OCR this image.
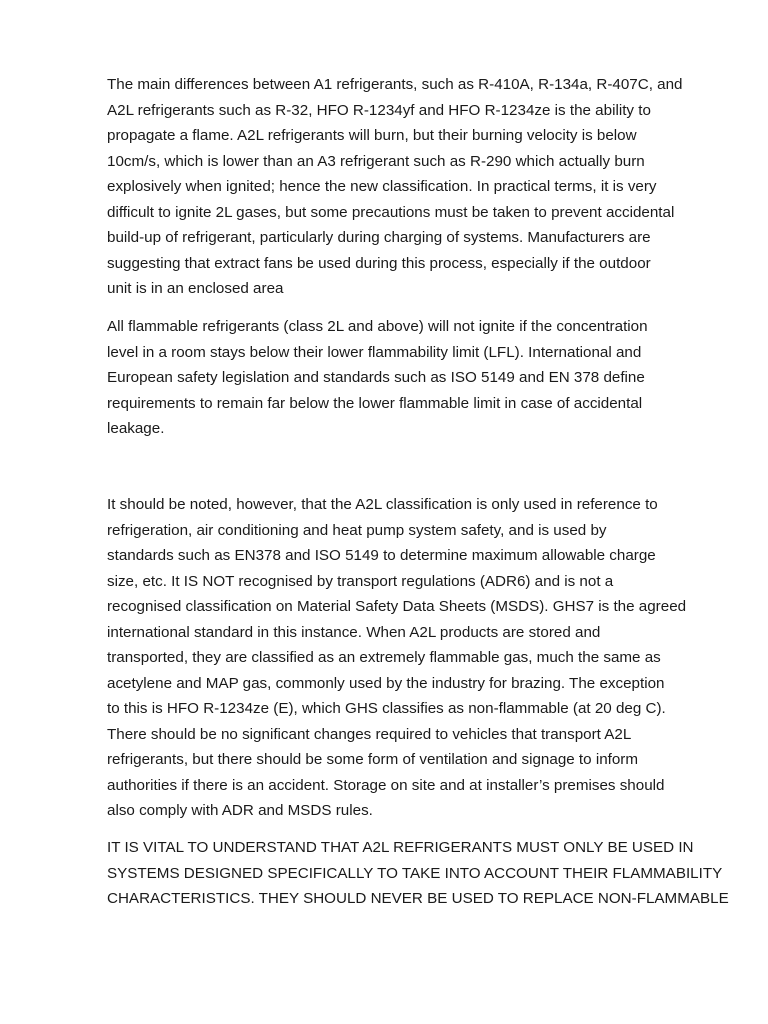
The main differences between A1 refrigerants, such as R-410A, R-134a, R-407C, and
A2L refrigerants such as R-32, HFO R-1234yf and HFO R-1234ze is the ability to
propagate a flame. A2L refrigerants will burn, but their burning velocity is below
10cm/s, which is lower than an A3 refrigerant such as R-290 which actually burn
explosively when ignited; hence the new classification. In practical terms, it is very
difficult to ignite 2L gases, but some precautions must be taken to prevent accidental
build-up of refrigerant, particularly during charging of systems. Manufacturers are
suggesting that extract fans be used during this process, especially if the outdoor
unit is in an enclosed area

All flammable refrigerants (class 2L and above) will not ignite if the concentration
level in a room stays below their lower flammability limit (LFL). International and
European safety legislation and standards such as ISO 5149 and EN 378 define
requirements to remain far below the lower flammable limit in case of accidental
leakage.

It should be noted, however, that the A2L classification is only used in reference to
refrigeration, air conditioning and heat pump system safety, and is used by
standards such as EN378 and ISO 5149 to determine maximum allowable charge
size, etc. It IS NOT recognised by transport regulations (ADR6) and is not a
recognised classification on Material Safety Data Sheets (MSDS). GHS7 is the agreed
international standard in this instance. When A2L products are stored and
transported, they are classified as an extremely flammable gas, much the same as
acetylene and MAP gas, commonly used by the industry for brazing. The exception
to this is HFO R-1234ze (E), which GHS classifies as non-flammable (at 20 deg C).
There should be no significant changes required to vehicles that transport A2L
refrigerants, but there should be some form of ventilation and signage to inform
authorities if there is an accident. Storage on site and at installer’s premises should
also comply with ADR and MSDS rules.

IT IS VITAL TO UNDERSTAND THAT A2L REFRIGERANTS MUST ONLY BE USED IN
SYSTEMS DESIGNED SPECIFICALLY TO TAKE INTO ACCOUNT THEIR FLAMMABILITY
CHARACTERISTICS. THEY SHOULD NEVER BE USED TO REPLACE NON-FLAMMABLE
